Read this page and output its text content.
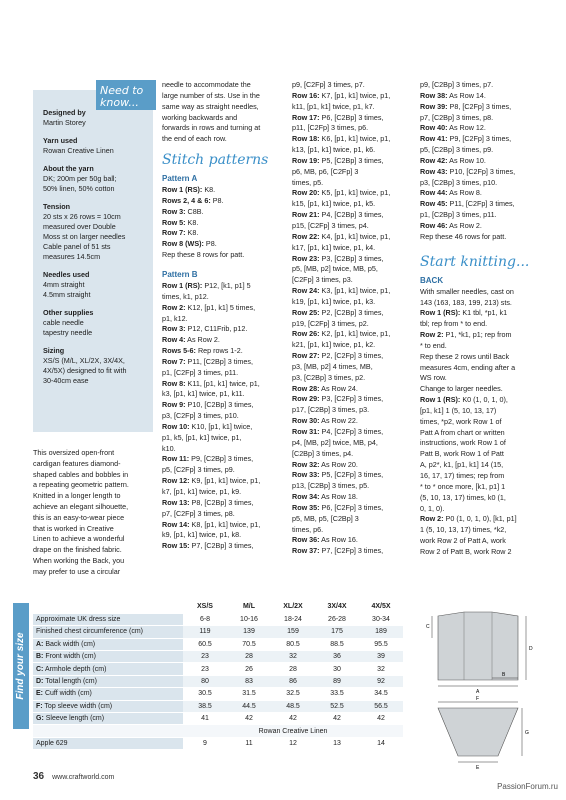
Need to know...
Designed by
Martin Storey
Yarn used
Rowan Creative Linen
About the yarn
DK; 200m per 50g ball;
50% linen, 50% cotton
Tension
20 sts x 26 rows = 10cm
measured over Double
Moss st on larger needles
Cable panel of 51 sts
measures 14.5cm
Needles used
4mm straight
4.5mm straight
Other supplies
cable needle
tapestry needle
Sizing
XS/S (M/L, XL/2X, 3X/4X,
4X/5X) designed to fit with
30-40cm ease
This oversized open-front
cardigan features diamond-
shaped cables and bobbles in
a repeating geometric pattern.
Knitted in a longer length to
achieve an elegant silhouette,
this is an easy-to-wear piece
that is worked in Creative
Linen to achieve a wonderful
drape on the finished fabric.
When working the Back, you
may prefer to use a circular
needle to accommodate the
large number of sts. Use in the
same way as straight needles,
working backwards and
forwards in rows and turning at
the end of each row.
Stitch patterns
Pattern A
Row 1 (RS): K8.
Rows 2, 4 & 6: P8.
Row 3: C8B.
Row 5: K8.
Row 7: K8.
Row 8 (WS): P8.
Rep these 8 rows for patt.
Pattern B
Row 1 (RS): P12, [k1, p1] 5
times, k1, p12.
Row 2: K12, [p1, k1] 5 times,
p1, k12.
Row 3: P12, C11Frib, p12.
Row 4: As Row 2.
Rows 5-6: Rep rows 1-2.
Row 7: P11, [C2Bp] 3 times,
p1, [C2Fp] 3 times, p11.
Row 8: K11, [p1, k1] twice, p1,
k3, [p1, k1] twice, p1, k11.
Row 9: P10, [C2Bp] 3 times,
p3, [C2Fp] 3 times, p10.
Row 10: K10, [p1, k1] twice,
p1, k5, [p1, k1] twice, p1,
k10.
Row 11: P9, [C2Bp] 3 times,
p5, [C2Fp] 3 times, p9.
Row 12: K9, [p1, k1] twice, p1,
k7, [p1, k1] twice, p1, k9.
Row 13: P8, [C2Bp] 3 times,
p7, [C2Fp] 3 times, p8.
Row 14: K8, [p1, k1] twice, p1,
k9, [p1, k1] twice, p1, k8.
Row 15: P7, [C2Bp] 3 times,
p9, [C2Fp] 3 times, p7.
Row 16: K7, [p1, k1] twice, p1,
k11, [p1, k1] twice, p1, k7.
Row 17: P6, [C2Bp] 3 times,
p11, [C2Fp] 3 times, p6.
Row 18: K6, [p1, k1] twice, p1,
k13, [p1, k1] twice, p1, k6.
Row 19: P5, [C2Bp] 3 times,
p6, MB, p6, [C2Fp] 3
times, p5.
Row 20: K5, [p1, k1] twice, p1,
k15, [p1, k1] twice, p1, k5.
Row 21: P4, [C2Bp] 3 times,
p15, [C2Fp] 3 times, p4.
Row 22: K4, [p1, k1] twice, p1,
k17, [p1, k1] twice, p1, k4.
Row 23: P3, [C2Bp] 3 times,
p5, [MB, p2] twice, MB, p5,
[C2Fp] 3 times, p3.
Row 24: K3, [p1, k1] twice, p1,
k19, [p1, k1] twice, p1, k3.
Row 25: P2, [C2Bp] 3 times,
p19, [C2Fp] 3 times, p2.
Row 26: K2, [p1, k1] twice, p1,
k21, [p1, k1] twice, p1, k2.
Row 27: P2, [C2Fp] 3 times,
p3, [MB, p2] 4 times, MB,
p3, [C2Bp] 3 times, p2.
Row 28: As Row 24.
Row 29: P3, [C2Fp] 3 times,
p17, [C2Bp] 3 times, p3.
Row 30: As Row 22.
Row 31: P4, [C2Fp] 3 times,
p4, [MB, p2] twice, MB, p4,
[C2Bp] 3 times, p4.
Row 32: As Row 20.
Row 33: P5, [C2Fp] 3 times,
p13, [C2Bp] 3 times, p5.
Row 34: As Row 18.
Row 35: P6, [C2Fp] 3 times,
p5, MB, p5, [C2Bp] 3
times, p6.
Row 36: As Row 16.
Row 37: P7, [C2Fp] 3 times,
p9, [C2Bp] 3 times, p7.
Row 38: As Row 14.
Row 39: P8, [C2Fp] 3 times,
p7, [C2Bp] 3 times, p8.
Row 40: As Row 12.
Row 41: P9, [C2Fp] 3 times,
p5, [C2Bp] 3 times, p9.
Row 42: As Row 10.
Row 43: P10, [C2Fp] 3 times,
p3, [C2Bp] 3 times, p10.
Row 44: As Row 8.
Row 45: P11, [C2Fp] 3 times,
p1, [C2Bp] 3 times, p11.
Row 46: As Row 2.
Rep these 46 rows for patt.
Start knitting...
BACK
With smaller needles, cast on
143 (163, 183, 199, 213) sts.
Row 1 (RS): K1 tbl, *p1, k1
tbl; rep from * to end.
Row 2: P1, *k1, p1; rep from
* to end.
Rep these 2 rows until Back
measures 4cm, ending after a
WS row.
Change to larger needles.
Row 1 (RS): K0 (1, 0, 1, 0),
[p1, k1] 1 (5, 10, 13, 17)
times, *p2, work Row 1 of
Patt A from chart or written
instructions, work Row 1 of
Patt B, work Row 1 of Patt
A, p2*, k1, [p1, k1] 14 (15,
16, 17, 17) times; rep from
* to * once more, [k1, p1] 1
(5, 10, 13, 17) times, k0 (1,
0, 1, 0).
Row 2: P0 (1, 0, 1, 0), [k1, p1]
1 (5, 10, 13, 17) times, *k2,
work Row 2 of Patt A, work
Row 2 of Patt B, work Row 2
Find your size
	XS/S	M/L	XL/2X	3X/4X	4X/5X
Approximate UK dress size	6-8	10-16	18-24	26-28	30-34
Finished chest circumference (cm)	119	139	159	175	189
A: Back width (cm)	60.5	70.5	80.5	88.5	95.5
B: Front width (cm)	23	28	32	36	39
C: Armhole depth (cm)	23	26	28	30	32
D: Total length (cm)	80	83	86	89	92
E: Cuff width (cm)	30.5	31.5	32.5	33.5	34.5
F: Top sleeve width (cm)	38.5	44.5	48.5	52.5	56.5
G: Sleeve length (cm)	41	42	42	42	42
	Rowan Creative Linen				
Apple 629	9	11	12	13	14
C
D
A
B
F
E
G
36 www.craftworld.com
PassionForum.ru
